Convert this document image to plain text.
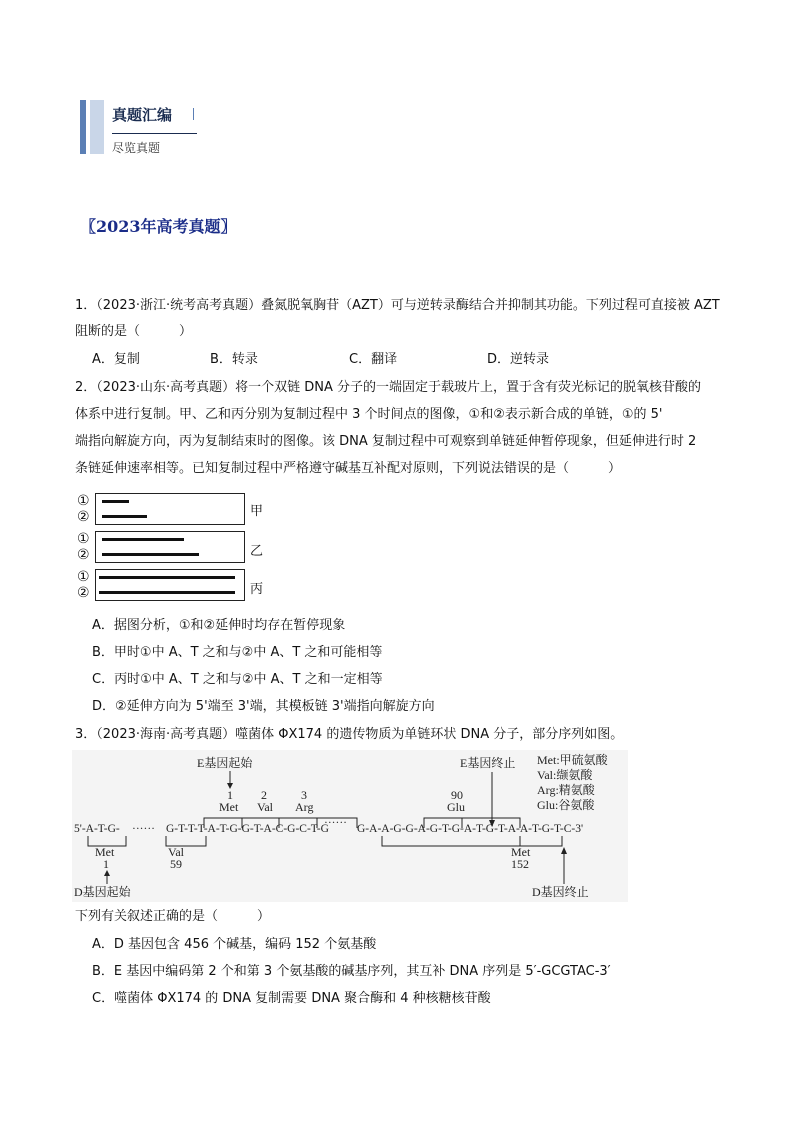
真题汇编
尽览真题
〖2023年高考真题〗
1．（2023·浙江·统考高考真题）叠氮脱氧胸苷（AZT）可与逆转录酶结合并抑制其功能。下列过程可直接被 AZT
阻断的是（　　　）
A．复制	B．转录	C．翻译	D．逆转录
2．（2023·山东·高考真题）将一个双链 DNA 分子的一端固定于载玻片上，置于含有荧光标记的脱氧核苷酸的
体系中进行复制。甲、乙和丙分别为复制过程中 3 个时间点的图像，①和②表示新合成的单链，①的 5'
端指向解旋方向，丙为复制结束时的图像。该 DNA 复制过程中可观察到单链延伸暂停现象，但延伸进行时 2
条链延伸速率相等。已知复制过程中严格遵守碱基互补配对原则，下列说法错误的是（　　　）
①
②	甲
①
②	乙
①
②	丙
A．据图分析，①和②延伸时均存在暂停现象
B．甲时①中 A、T 之和与②中 A、T 之和可能相等
C．丙时①中 A、T 之和与②中 A、T 之和一定相等
D．②延伸方向为 5'端至 3'端，其模板链 3'端指向解旋方向
3．（2023·海南·高考真题）噬菌体 ΦX174 的遗传物质为单链环状 DNA 分子，部分序列如图。
E基因起始
1 2	3
Met Val Arg
E基因终止
90
Glu
Met:甲硫氨酸
Val:缬氨酸
Arg:精氨酸
Glu:谷氨酸
5'-A-T-G- ······ G-T-T-T-A-T-G-G-T-A-C-G-C-T-G
······ G-A-A-G-G-A-G-T-G-A-T-G-T-A-A-T-G-T-C-3'
Met
1
Val
59
Met
152
D基因起始	D基因终止
下列有关叙述正确的是（　　　）
A．D 基因包含 456 个碱基，编码 152 个氨基酸
B．E 基因中编码第 2 个和第 3 个氨基酸的碱基序列，其互补 DNA 序列是 5′-GCGTAC-3′
C．噬菌体 ΦX174 的 DNA 复制需要 DNA 聚合酶和 4 种核糖核苷酸
